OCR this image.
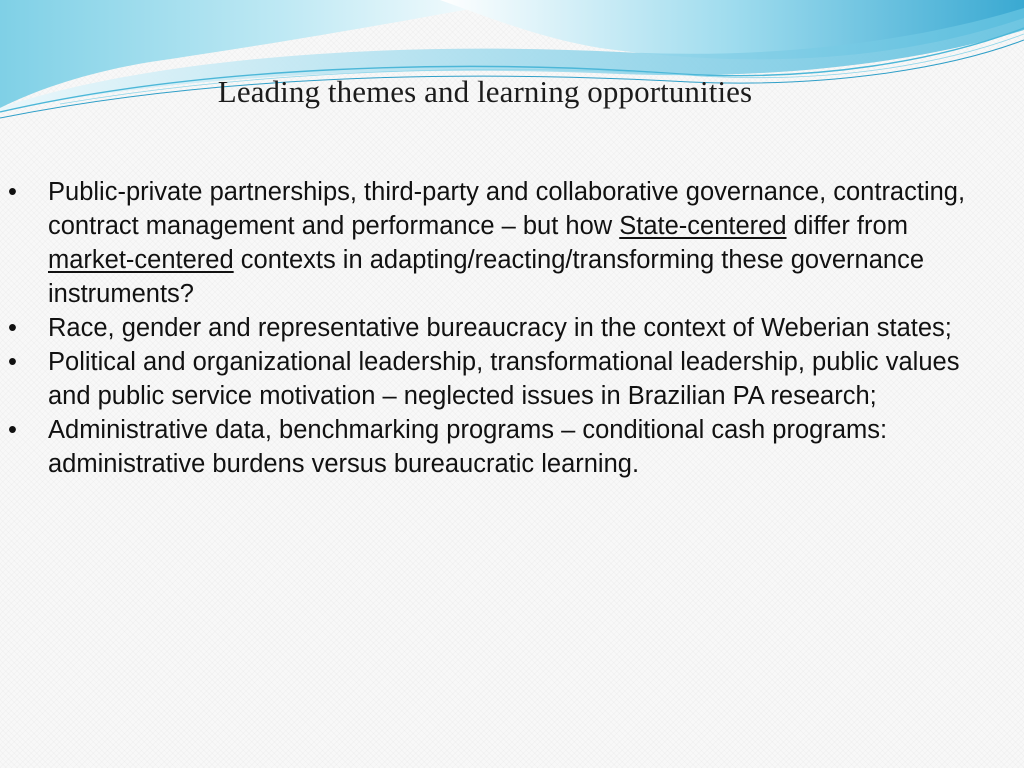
Leading themes and learning opportunities
•	Public-private partnerships, third-party and collaborative governance, contracting, contract management and performance – but how State-centered differ from market-centered contexts in adapting/reacting/transforming these governance instruments?
•	Race, gender and representative bureaucracy in the context of Weberian states;
•	Political and organizational leadership, transformational leadership, public values and public service motivation – neglected issues in Brazilian PA research;
•	Administrative data, benchmarking programs – conditional cash programs: administrative burdens versus bureaucratic learning.
